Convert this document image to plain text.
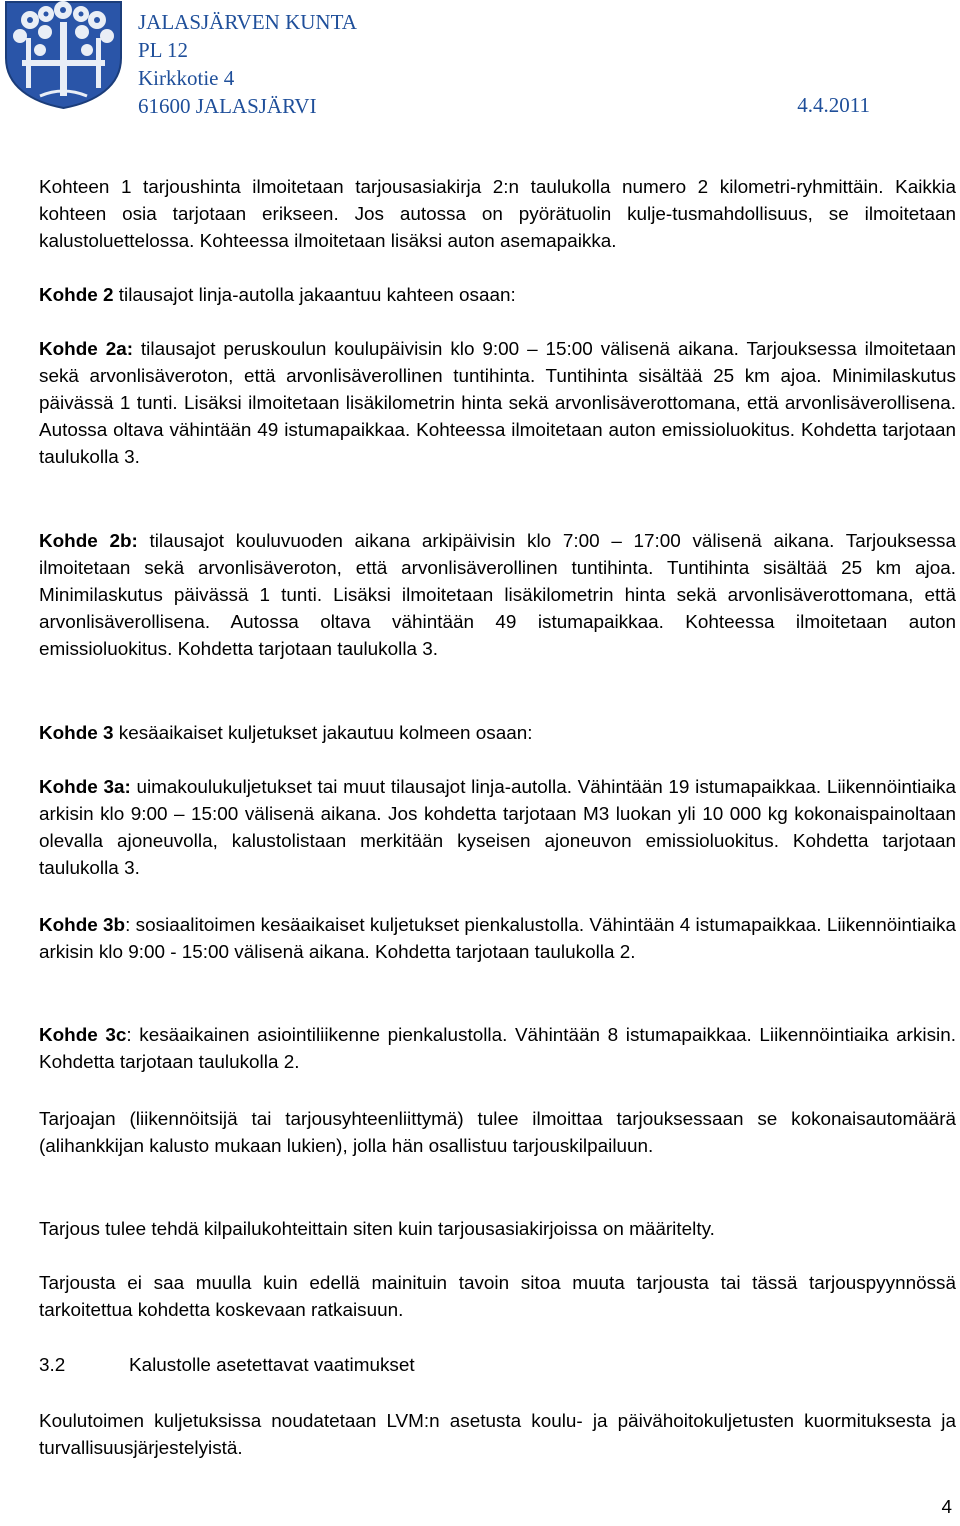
JALASJÄRVEN KUNTA
PL 12
Kirkkotie 4
61600 JALASJÄRVI	4.4.2011

Kohteen 1 tarjoushinta ilmoitetaan tarjousasiakirja 2:n taulukolla numero 2 kilometri-ryhmittäin. Kaikkia kohteen osia tarjotaan erikseen. Jos autossa on pyörätuolin kulje-tusmahdollisuus, se ilmoitetaan kalustoluettelossa. Kohteessa ilmoitetaan lisäksi auton asemapaikka.

Kohde 2 tilausajot linja-autolla jakaantuu kahteen osaan:

Kohde 2a: tilausajot peruskoulun koulupäivisin klo 9:00 – 15:00 välisenä aikana. Tarjouksessa ilmoitetaan sekä arvonlisäveroton, että arvonlisäverollinen tuntihinta. Tuntihinta sisältää 25 km ajoa. Minimilaskutus päivässä 1 tunti. Lisäksi ilmoitetaan lisäkilometrin hinta sekä arvonlisäverottomana, että arvonlisäverollisena. Autossa oltava vähintään 49 istumapaikkaa. Kohteessa ilmoitetaan auton emissioluokitus. Kohdetta tarjotaan taulukolla 3.

Kohde 2b: tilausajot kouluvuoden aikana arkipäivisin klo 7:00 – 17:00 välisenä aikana. Tarjouksessa ilmoitetaan sekä arvonlisäveroton, että arvonlisäverollinen tuntihinta. Tuntihinta sisältää 25 km ajoa. Minimilaskutus päivässä 1 tunti. Lisäksi ilmoitetaan lisäkilometrin hinta sekä arvonlisäverottomana, että arvonlisäverollisena. Autossa oltava vähintään 49 istumapaikkaa. Kohteessa ilmoitetaan auton emissioluokitus. Kohdetta tarjotaan taulukolla 3.

Kohde 3 kesäaikaiset kuljetukset jakautuu kolmeen osaan:

Kohde 3a: uimakoulukuljetukset tai muut tilausajot linja-autolla. Vähintään 19 istumapaikkaa. Liikennöintiaika arkisin klo 9:00 – 15:00 välisenä aikana. Jos kohdetta tarjotaan M3 luokan yli 10 000 kg kokonaispainoltaan olevalla ajoneuvolla, kalustolistaan merkitään kyseisen ajoneuvon emissioluokitus. Kohdetta tarjotaan taulukolla 3.

Kohde 3b: sosiaalitoimen kesäaikaiset kuljetukset pienkalustolla. Vähintään 4 istumapaikkaa. Liikennöintiaika arkisin klo 9:00 - 15:00 välisenä aikana. Kohdetta tarjotaan taulukolla 2.

Kohde 3c: kesäaikainen asiointiliikenne pienkalustolla. Vähintään 8 istumapaikkaa. Liikennöintiaika arkisin. Kohdetta tarjotaan taulukolla 2.

Tarjoajan (liikennöitsijä tai tarjousyhteenliittymä) tulee ilmoittaa tarjouksessaan se kokonaisautomäärä (alihankkijan kalusto mukaan lukien), jolla hän osallistuu tarjouskilpailuun.

Tarjous tulee tehdä kilpailukohteittain siten kuin tarjousasiakirjoissa on määritelty.

Tarjousta ei saa muulla kuin edellä mainituin tavoin sitoa muuta tarjousta tai tässä tarjouspyynnössä tarkoitettua kohdetta koskevaan ratkaisuun.

3.2	Kalustolle asetettavat vaatimukset

Koulutoimen kuljetuksissa noudatetaan LVM:n asetusta koulu- ja päivähoitokuljetusten kuormituksesta ja turvallisuusjärjestelyistä.

4
